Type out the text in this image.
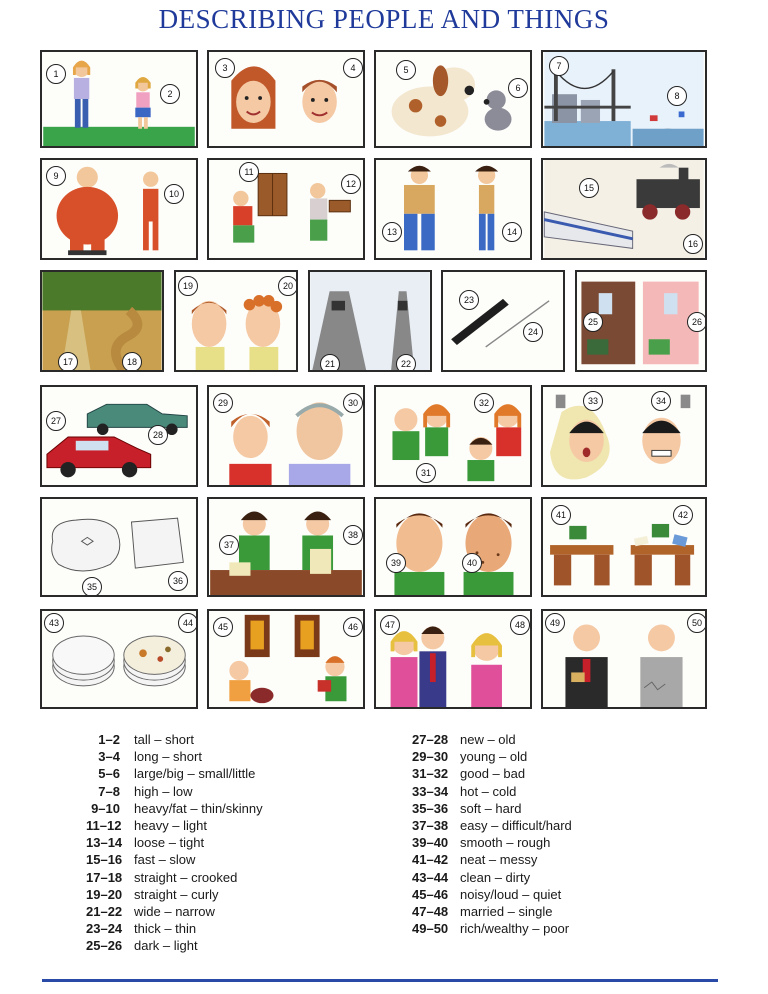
DESCRIBING PEOPLE AND THINGS
1
2
3	4	5
6
7
8
9
10
11
12
13	14
15
16
17	18
19	20
21	22
23
24
25	26
27
28
29	30
31
32	33	34
35
36
37
38
39	40
41	42
43	44	45	46	47	48	49	50
1–2 tall – short
3–4 long – short
5–6 large/big – small/little
7–8 high – low
9–10 heavy/fat – thin/skinny
11–12 heavy – light
13–14 loose – tight
15–16 fast – slow
17–18 straight – crooked
19–20 straight – curly
21–22 wide – narrow
23–24 thick – thin
25–26 dark – light
27–28 new – old
29–30 young – old
31–32 good – bad
33–34 hot – cold
35–36 soft – hard
37–38 easy – difficult/hard
39–40 smooth – rough
41–42 neat – messy
43–44 clean – dirty
45–46 noisy/loud – quiet
47–48 married – single
49–50 rich/wealthy – poor
